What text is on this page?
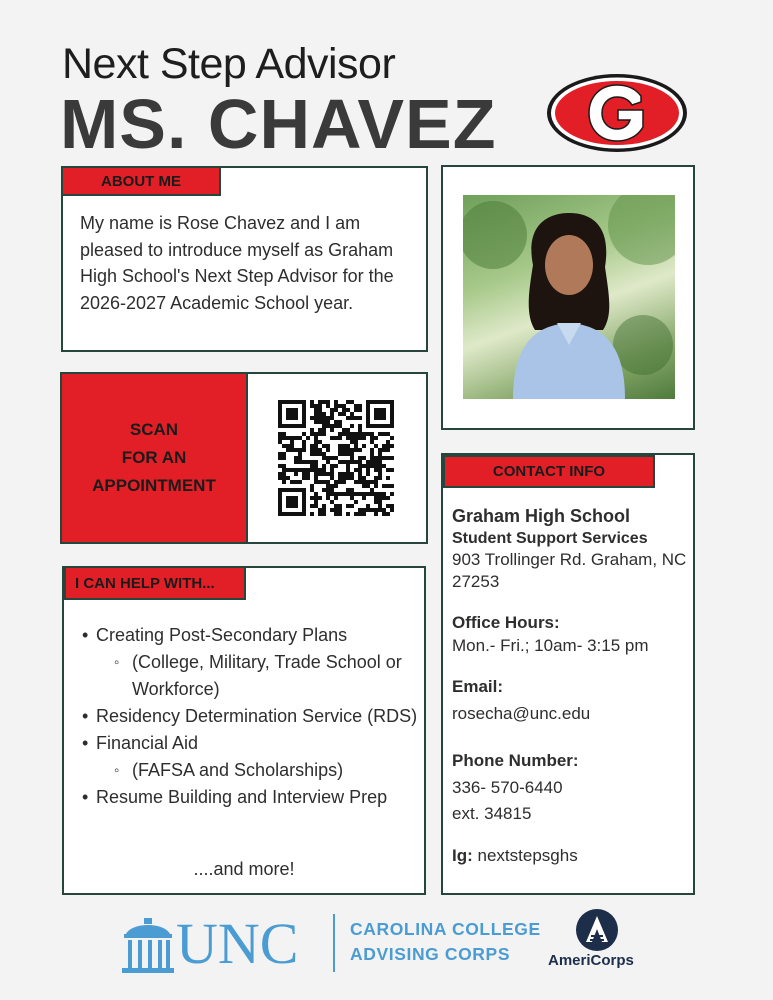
Next Step Advisor
MS. CHAVEZ
My name is Rose Chavez and I am pleased to introduce myself as Graham High School's Next Step Advisor for the 2026-2027 Academic School year.
ABOUT ME
SCAN
FOR AN
APPOINTMENT
• Creating Post-Secondary Plans
◦ (College, Military, Trade School or Workforce)
• Residency Determination Service (RDS)
• Financial Aid
◦ (FAFSA and Scholarships)
• Resume Building and Interview Prep
....and more!
I CAN HELP WITH...
Graham High School
Student Support Services
903 Trollinger Rd. Graham, NC 27253
Office Hours:
Mon.- Fri.; 10am- 3:15 pm
Email:
rosecha@unc.edu
Phone Number:
336- 570-6440
ext. 34815
Ig: nextstepsghs
CONTACT INFO
UNC	CAROLINA COLLEGE
ADVISING CORPS	AmeriCorps
